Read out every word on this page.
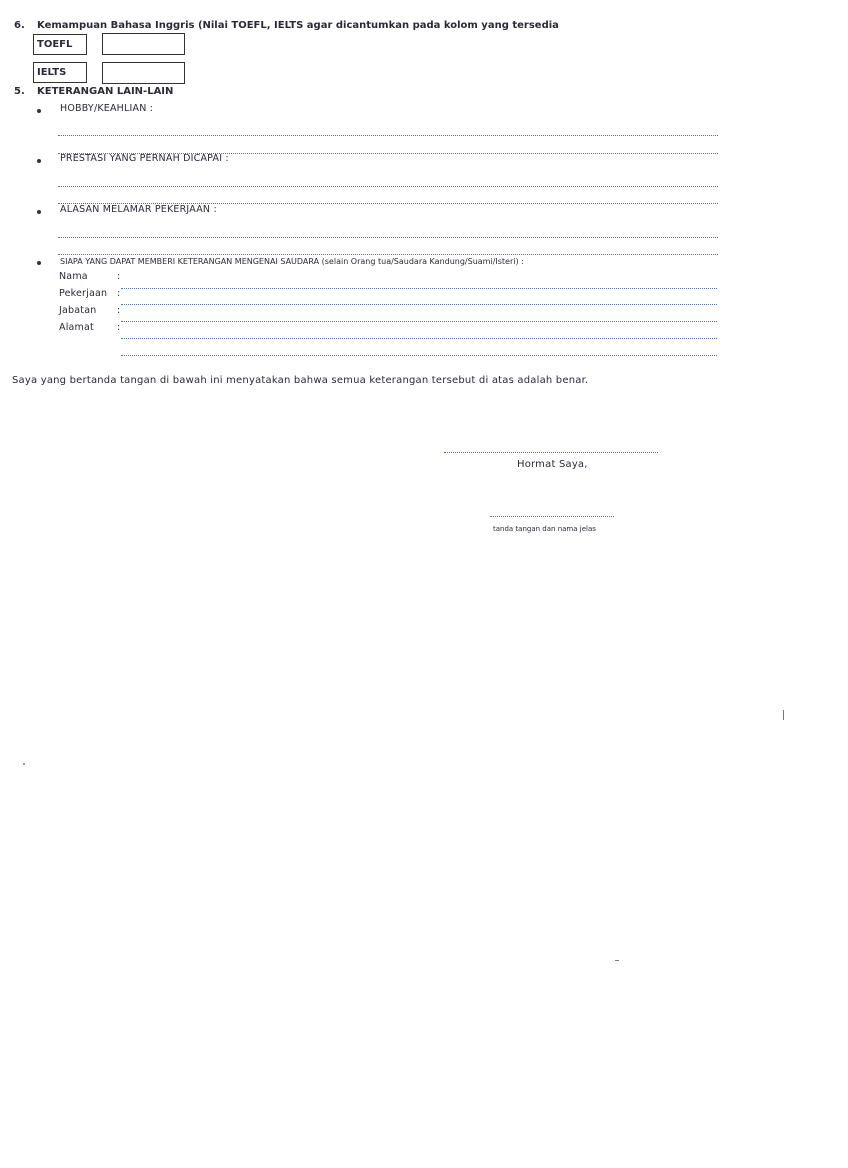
6. Kemampuan Bahasa Inggris (Nilai TOEFL, IELTS agar dicantumkan pada kolom yang tersedia
TOEFL
IELTS
5. KETERANGAN LAIN-LAIN
HOBBY/KEAHLIAN :
PRESTASI YANG PERNAH DICAPAI :
ALASAN MELAMAR PEKERJAAN :
SIAPA YANG DAPAT MEMBERI KETERANGAN MENGENAI SAUDARA (selain Orang tua/Saudara Kandung/Suami/Isteri) :
Nama	:
Pekerjaan :
Jabatan :
Alamat :
Saya yang bertanda tangan di bawah ini menyatakan bahwa semua keterangan tersebut di atas adalah benar.
Hormat Saya,
tanda tangan dan nama jelas
